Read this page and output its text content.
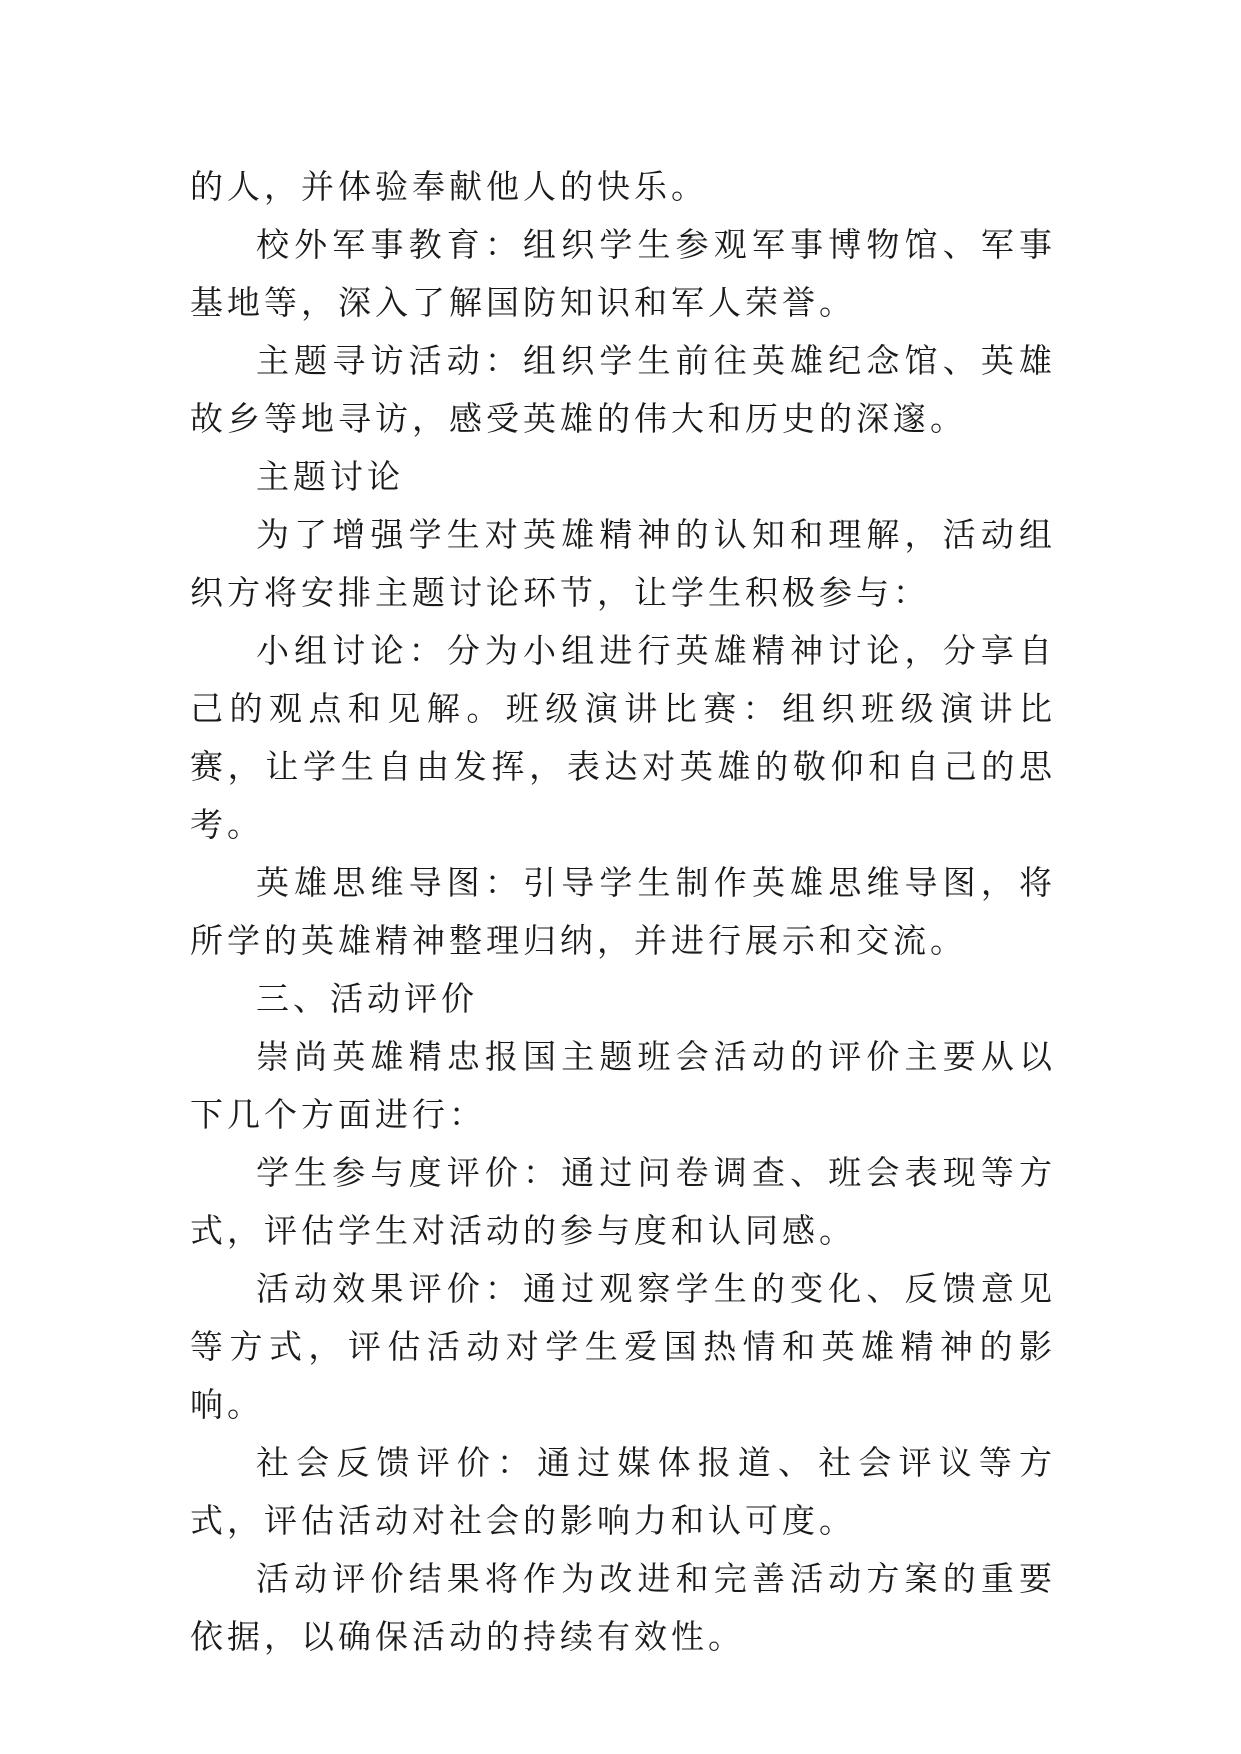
的人，并体验奉献他人的快乐。

校外军事教育：组织学生参观军事博物馆、军事基地等，深入了解国防知识和军人荣誉。

主题寻访活动：组织学生前往英雄纪念馆、英雄故乡等地寻访，感受英雄的伟大和历史的深邃。

主题讨论

为了增强学生对英雄精神的认知和理解，活动组织方将安排主题讨论环节，让学生积极参与：

小组讨论：分为小组进行英雄精神讨论，分享自己的观点和见解。班级演讲比赛：组织班级演讲比赛，让学生自由发挥，表达对英雄的敬仰和自己的思考。

英雄思维导图：引导学生制作英雄思维导图，将所学的英雄精神整理归纳，并进行展示和交流。

三、活动评价

崇尚英雄精忠报国主题班会活动的评价主要从以下几个方面进行：

学生参与度评价：通过问卷调查、班会表现等方式，评估学生对活动的参与度和认同感。

活动效果评价：通过观察学生的变化、反馈意见等方式，评估活动对学生爱国热情和英雄精神的影响。

社会反馈评价：通过媒体报道、社会评议等方式，评估活动对社会的影响力和认可度。

活动评价结果将作为改进和完善活动方案的重要依据，以确保活动的持续有效性。
